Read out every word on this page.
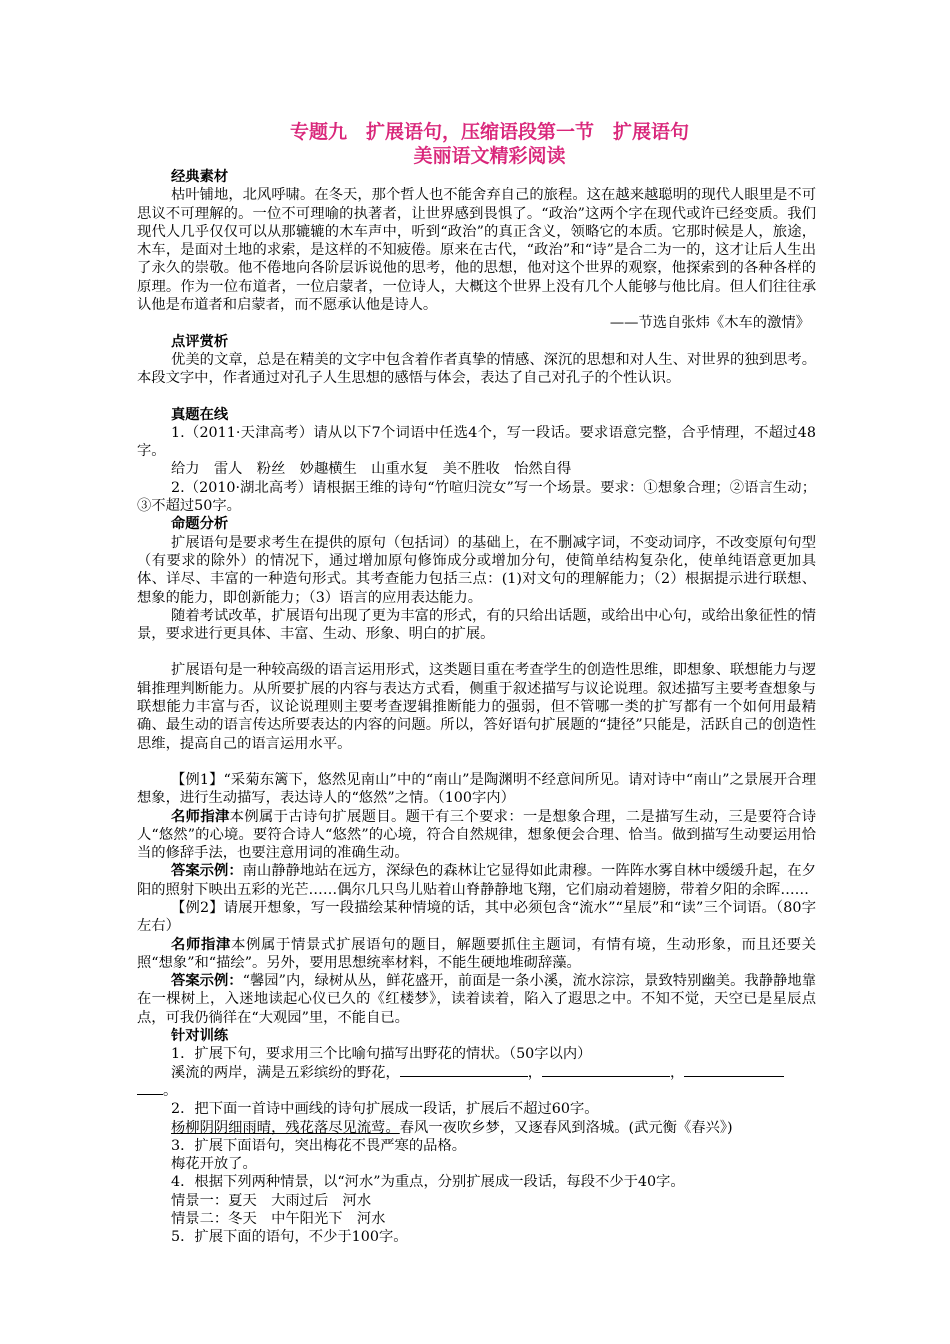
专题九　扩展语句，压缩语段第一节　扩展语句
美丽语文精彩阅读
经典素材

枯叶铺地，北风呼啸。在冬天，那个哲人也不能舍弃自己的旅程。这在越来越聪明的现代人眼里是不可思议不可理解的。一位不可理喻的执著者，让世界感到畏惧了。“政治”这两个字在现代或许已经变质。我们现代人几乎仅仅可以从那辘辘的木车声中，听到“政治”的真正含义，领略它的本质。它那时候是人，旅途，木车，是面对土地的求索，是这样的不知疲倦。原来在古代，“政治”和“诗”是合二为一的，这才让后人生出了永久的崇敬。他不倦地向各阶层诉说他的思考，他的思想，他对这个世界的观察，他探索到的各种各样的原理。作为一位布道者，一位启蒙者，一位诗人，大概这个世界上没有几个人能够与他比肩。但人们往往承认他是布道者和启蒙者，而不愿承认他是诗人。

——节选自张炜《木车的激情》
点评赏析

优美的文章，总是在精美的文字中包含着作者真挚的情感、深沉的思想和对人生、对世界的独到思考。本段文字中，作者通过对孔子人生思想的感悟与体会，表达了自己对孔子的个性认识。

真题在线

1.（2011·天津高考）请从以下7个词语中任选4个，写一段话。要求语意完整，合乎情理，不超过48字。

给力　雷人　粉丝　妙趣横生　山重水复　美不胜收　怡然自得

2.（2010·湖北高考）请根据王维的诗句“竹喧归浣女”写一个场景。要求：①想象合理；②语言生动；③不超过50字。

命题分析

扩展语句是要求考生在提供的原句（包括词）的基础上，在不删减字词，不变动词序，不改变原句句型（有要求的除外）的情况下，通过增加原句修饰成分或增加分句，使简单结构复杂化，使单纯语意更加具体、详尽、丰富的一种造句形式。其考查能力包括三点：(1)对文句的理解能力；（2）根据提示进行联想、想象的能力，即创新能力；（3）语言的应用表达能力。

随着考试改革，扩展语句出现了更为丰富的形式，有的只给出话题，或给出中心句，或给出象征性的情景，要求进行更具体、丰富、生动、形象、明白的扩展。

扩展语句是一种较高级的语言运用形式，这类题目重在考查学生的创造性思维，即想象、联想能力与逻辑推理判断能力。从所要扩展的内容与表达方式看，侧重于叙述描写与议论说理。叙述描写主要考查想象与联想能力丰富与否，议论说理则主要考查逻辑推断能力的强弱，但不管哪一类的扩写都有一个如何用最精确、最生动的语言传达所要表达的内容的问题。所以，答好语句扩展题的“捷径”只能是，活跃自己的创造性思维，提高自己的语言运用水平。

【例1】“采菊东篱下，悠然见南山”中的“南山”是陶渊明不经意间所见。请对诗中“南山”之景展开合理想象，进行生动描写，表达诗人的“悠然”之情。（100字内）

名师指津本例属于古诗句扩展题目。题干有三个要求：一是想象合理，二是描写生动，三是要符合诗人“悠然”的心境。要符合诗人“悠然”的心境，符合自然规律，想象便会合理、恰当。做到描写生动要运用恰当的修辞手法，也要注意用词的准确生动。

答案示例：南山静静地站在远方，深绿色的森林让它显得如此肃穆。一阵阵水雾自林中缓缓升起，在夕阳的照射下映出五彩的光芒……偶尔几只鸟儿贴着山脊静静地飞翔，它们扇动着翅膀，带着夕阳的余晖……

【例2】请展开想象，写一段描绘某种情境的话，其中必须包含“流水”“星辰”和“读”三个词语。（80字左右）

名师指津本例属于情景式扩展语句的题目，解题要抓住主题词，有情有境，生动形象，而且还要关照“想象”和“描绘”。另外，要用思想统率材料，不能生硬地堆砌辞藻。

答案示例：“馨园”内，绿树从丛，鲜花盛开，前面是一条小溪，流水淙淙，景致特别幽美。我静静地靠在一棵树上，入迷地读起心仪已久的《红楼梦》，读着读着，陷入了遐思之中。不知不觉，天空已是星辰点点，可我仍徜徉在“大观园”里，不能自已。

针对训练
1．扩展下句，要求用三个比喻句描写出野花的情状。（50字以内）
溪流的两岸，满是五彩缤纷的野花，	，	，
。
2．把下面一首诗中画线的诗句扩展成一段话，扩展后不超过60字。
杨柳阴阴细雨晴，残花落尽见流莺。春风一夜吹乡梦，又逐春风到洛城。(武元衡《春兴》)
3．扩展下面语句，突出梅花不畏严寒的品格。
梅花开放了。
4．根据下列两种情景，以“河水”为重点，分别扩展成一段话，每段不少于40字。
情景一：夏天　大雨过后　河水
情景二：冬天　中午阳光下　河水
5．扩展下面的语句，不少于100字。
